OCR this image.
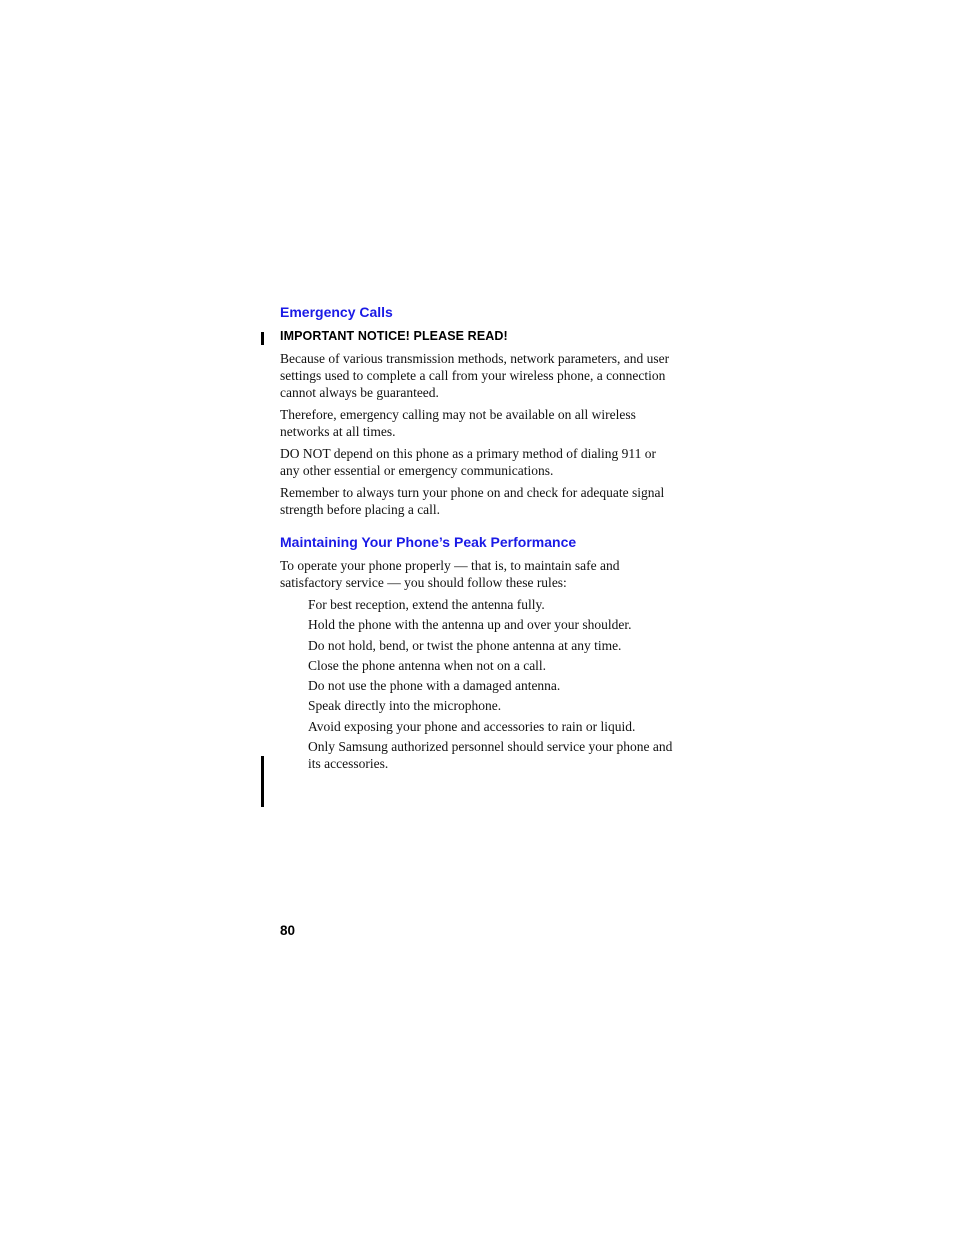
Emergency Calls

IMPORTANT NOTICE! PLEASE READ!

Because of various transmission methods, network parameters, and user settings used to complete a call from your wireless phone, a connection cannot always be guaranteed.

Therefore, emergency calling may not be available on all wireless networks at all times.

DO NOT depend on this phone as a primary method of dialing 911 or any other essential or emergency communications.

Remember to always turn your phone on and check for adequate signal strength before placing a call.

Maintaining Your Phone’s Peak Performance

To operate your phone properly — that is, to maintain safe and satisfactory service — you should follow these rules:

For best reception, extend the antenna fully.
Hold the phone with the antenna up and over your shoulder.
Do not hold, bend, or twist the phone antenna at any time.
Close the phone antenna when not on a call.
Do not use the phone with a damaged antenna.
Speak directly into the microphone.
Avoid exposing your phone and accessories to rain or liquid.
Only Samsung authorized personnel should service your phone and its accessories.

80
